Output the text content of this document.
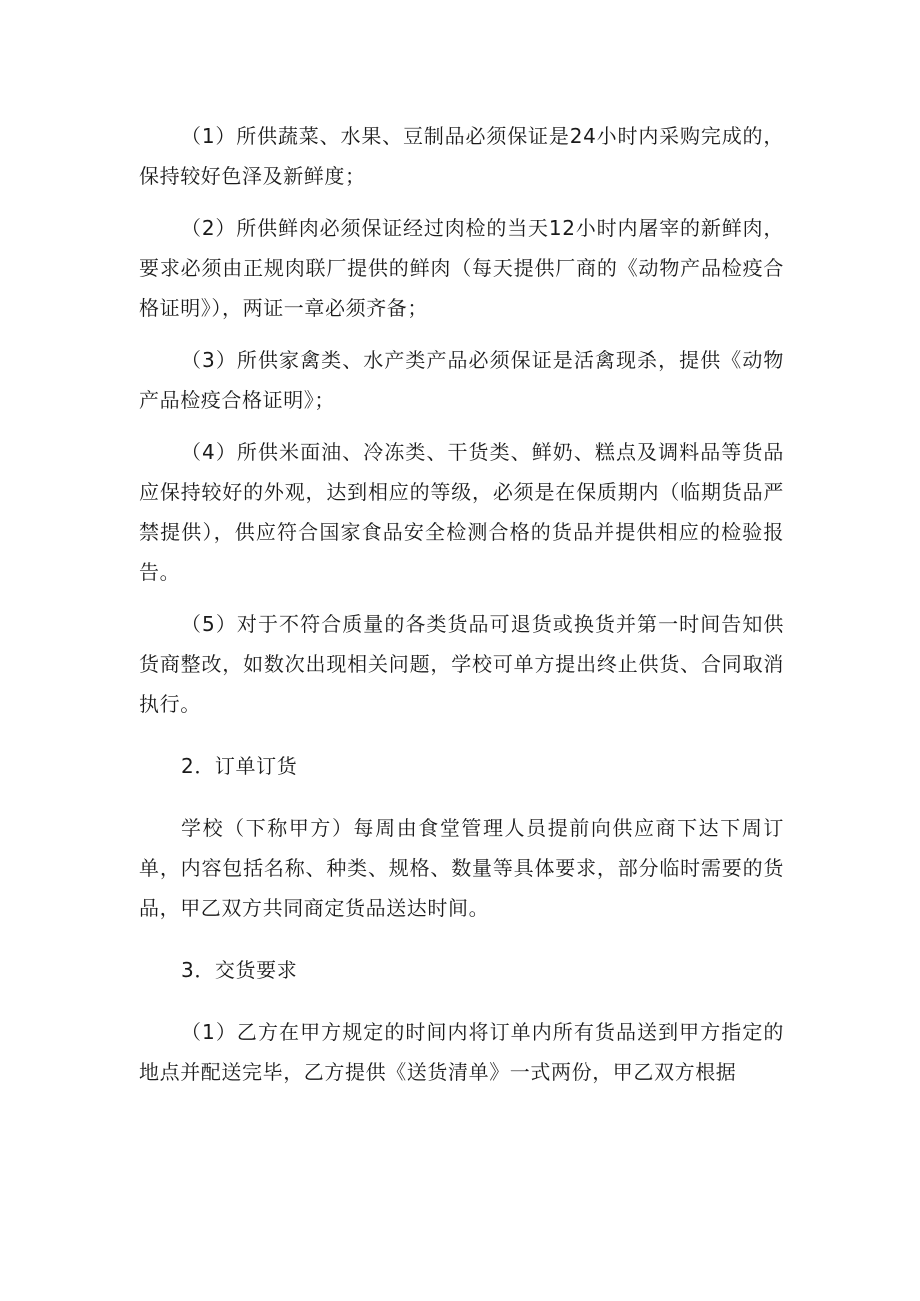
（1）所供蔬菜、水果、豆制品必须保证是24小时内采购完成的，保持较好色泽及新鲜度；

（2）所供鲜肉必须保证经过肉检的当天12小时内屠宰的新鲜肉，要求必须由正规肉联厂提供的鲜肉（每天提供厂商的《动物产品检疫合格证明》），两证一章必须齐备；

（3）所供家禽类、水产类产品必须保证是活禽现杀，提供《动物产品检疫合格证明》；

（4）所供米面油、冷冻类、干货类、鲜奶、糕点及调料品等货品应保持较好的外观，达到相应的等级，必须是在保质期内（临期货品严禁提供），供应符合国家食品安全检测合格的货品并提供相应的检验报告。

（5）对于不符合质量的各类货品可退货或换货并第一时间告知供货商整改，如数次出现相关问题，学校可单方提出终止供货、合同取消执行。

2．订单订货

学校（下称甲方）每周由食堂管理人员提前向供应商下达下周订单，内容包括名称、种类、规格、数量等具体要求，部分临时需要的货品，甲乙双方共同商定货品送达时间。

3．交货要求

（1）乙方在甲方规定的时间内将订单内所有货品送到甲方指定的地点并配送完毕，乙方提供《送货清单》一式两份，甲乙双方根据
